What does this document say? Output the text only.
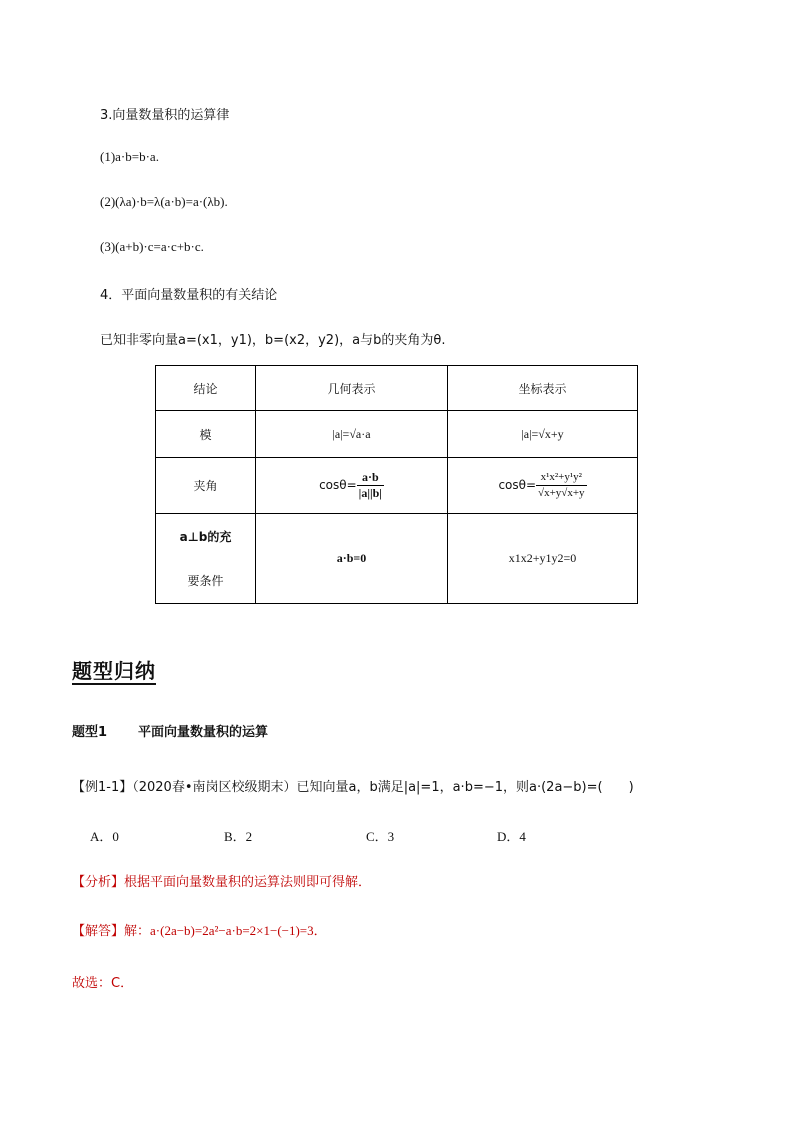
3.向量数量积的运算律
(1)a·b=b·a.
(2)(λa)·b=λ(a·b)=a·(λb).
(3)(a+b)·c=a·c+b·c.
4．平面向量数量积的有关结论
已知非零向量a=(x1，y1)，b=(x2，y2)，a与b的夹角为θ.
结论	几何表示	坐标表示
模	|a|=√a·a	|a|=√x+y
夹角	$\cos\theta= \frac{a\cdot b}{|a||b|}$	$\cos\theta= \frac{\text{x¹x²+y¹y²}}{√x+y√x+y}$

a⊥b的充
要条件	a·b=0	x1x2+y1y2=0
题型归纳
题型1 平面向量数量积的运算
【例1-1】（2020春•南岗区校级期末）已知向量a，b满足|a|=1，a·b=−1，则a·(2a−b)=(　　)
A．0	B．2	C．3	D．4
【分析】根据平面向量数量积的运算法则即可得解．
【解答】解：a·(2a−b)=2a²−a·b=2×1−(−1)=3．
故选：C．
